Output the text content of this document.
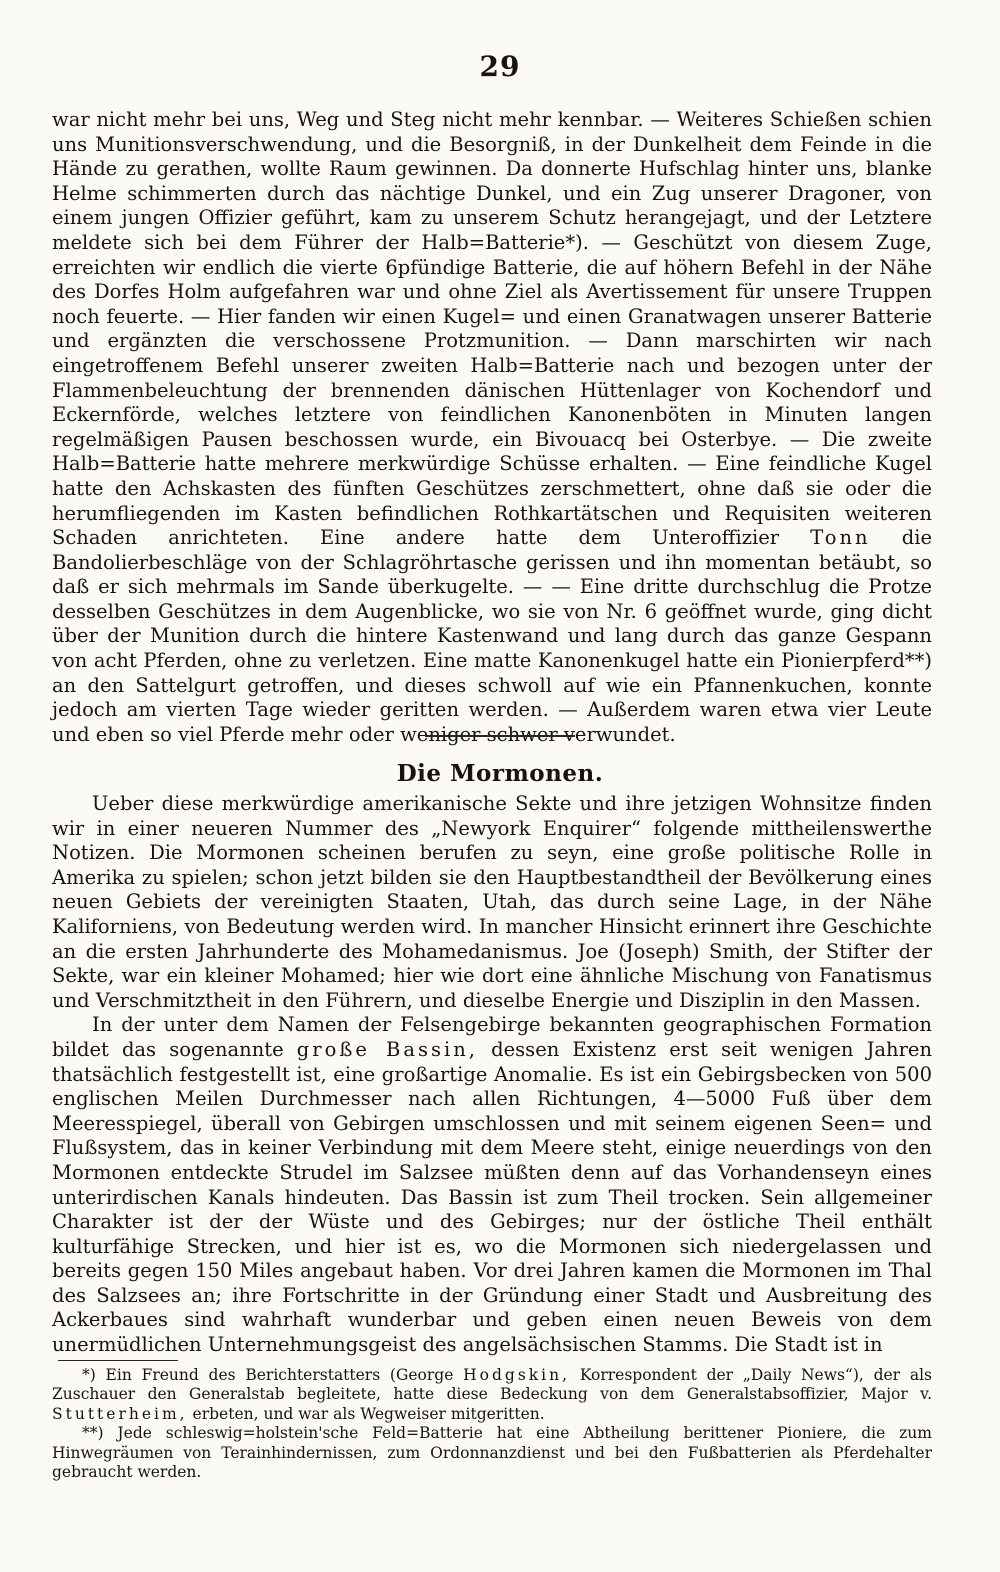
29

war nicht mehr bei uns, Weg und Steg nicht mehr kennbar. — Weiteres Schießen schien uns Munitionsverschwendung, und die Besorgniß, in der Dunkelheit dem Feinde in die Hände zu gerathen, wollte Raum gewinnen. Da donnerte Hufschlag hinter uns, blanke Helme schimmerten durch das nächtige Dunkel, und ein Zug unserer Dragoner, von einem jungen Offizier geführt, kam zu unserem Schutz herangejagt, und der Letztere meldete sich bei dem Führer der Halb=Batterie*). — Geschützt von diesem Zuge, erreichten wir endlich die vierte 6pfündige Batterie, die auf höhern Befehl in der Nähe des Dorfes Holm aufgefahren war und ohne Ziel als Avertissement für unsere Truppen noch feuerte. — Hier fanden wir einen Kugel= und einen Granatwagen unserer Batterie und ergänzten die verschossene Protzmunition. — Dann marschirten wir nach eingetroffenem Befehl unserer zweiten Halb=Batterie nach und bezogen unter der Flammenbeleuchtung der brennenden dänischen Hüttenlager von Kochendorf und Eckernförde, welches letztere von feindlichen Kanonenböten in Minuten langen regelmäßigen Pausen beschossen wurde, ein Bivouacq bei Osterbye. — Die zweite Halb=Batterie hatte mehrere merkwürdige Schüsse erhalten. — Eine feindliche Kugel hatte den Achskasten des fünften Geschützes zerschmettert, ohne daß sie oder die herumfliegenden im Kasten befindlichen Rothkartätschen und Requisiten weiteren Schaden anrichteten. Eine andere hatte dem Unteroffizier Tonn die Bandolierbeschläge von der Schlagröhrtasche gerissen und ihn momentan betäubt, so daß er sich mehrmals im Sande überkugelte. — — Eine dritte durchschlug die Protze desselben Geschützes in dem Augenblicke, wo sie von Nr. 6 geöffnet wurde, ging dicht über der Munition durch die hintere Kastenwand und lang durch das ganze Gespann von acht Pferden, ohne zu verletzen. Eine matte Kanonenkugel hatte ein Pionierpferd**) an den Sattelgurt getroffen, und dieses schwoll auf wie ein Pfannenkuchen, konnte jedoch am vierten Tage wieder geritten werden. — Außerdem waren etwa vier Leute und eben so viel Pferde mehr oder weniger schwer verwundet.

Die Mormonen.

Ueber diese merkwürdige amerikanische Sekte und ihre jetzigen Wohnsitze finden wir in einer neueren Nummer des „Newyork Enquirer“ folgende mittheilenswerthe Notizen. Die Mormonen scheinen berufen zu seyn, eine große politische Rolle in Amerika zu spielen; schon jetzt bilden sie den Hauptbestandtheil der Bevölkerung eines neuen Gebiets der vereinigten Staaten, Utah, das durch seine Lage, in der Nähe Kaliforniens, von Bedeutung werden wird. In mancher Hinsicht erinnert ihre Geschichte an die ersten Jahrhunderte des Mohamedanismus. Joe (Joseph) Smith, der Stifter der Sekte, war ein kleiner Mohamed; hier wie dort eine ähnliche Mischung von Fanatismus und Verschmitztheit in den Führern, und dieselbe Energie und Disziplin in den Massen.

In der unter dem Namen der Felsengebirge bekannten geographischen Formation bildet das sogenannte große Bassin, dessen Existenz erst seit wenigen Jahren thatsächlich festgestellt ist, eine großartige Anomalie. Es ist ein Gebirgsbecken von 500 englischen Meilen Durchmesser nach allen Richtungen, 4—5000 Fuß über dem Meeresspiegel, überall von Gebirgen umschlossen und mit seinem eigenen Seen= und Flußsystem, das in keiner Verbindung mit dem Meere steht, einige neuerdings von den Mormonen entdeckte Strudel im Salzsee müßten denn auf das Vorhandenseyn eines unterirdischen Kanals hindeuten. Das Bassin ist zum Theil trocken. Sein allgemeiner Charakter ist der der Wüste und des Gebirges; nur der östliche Theil enthält kulturfähige Strecken, und hier ist es, wo die Mormonen sich niedergelassen und bereits gegen 150 Miles angebaut haben. Vor drei Jahren kamen die Mormonen im Thal des Salzsees an; ihre Fortschritte in der Gründung einer Stadt und Ausbreitung des Ackerbaues sind wahrhaft wunderbar und geben einen neuen Beweis von dem unermüdlichen Unternehmungsgeist des angelsächsischen Stamms. Die Stadt ist in

*) Ein Freund des Berichterstatters (George Hodgskin, Korrespondent der „Daily News“), der als Zuschauer den Generalstab begleitete, hatte diese Bedeckung von dem Generalstabsoffizier, Major v. Stutterheim, erbeten, und war als Wegweiser mitgeritten.

**) Jede schleswig=holstein'sche Feld=Batterie hat eine Abtheilung berittener Pioniere, die zum Hinwegräumen von Terainhindernissen, zum Ordonnanzdienst und bei den Fußbatterien als Pferdehalter gebraucht werden.
